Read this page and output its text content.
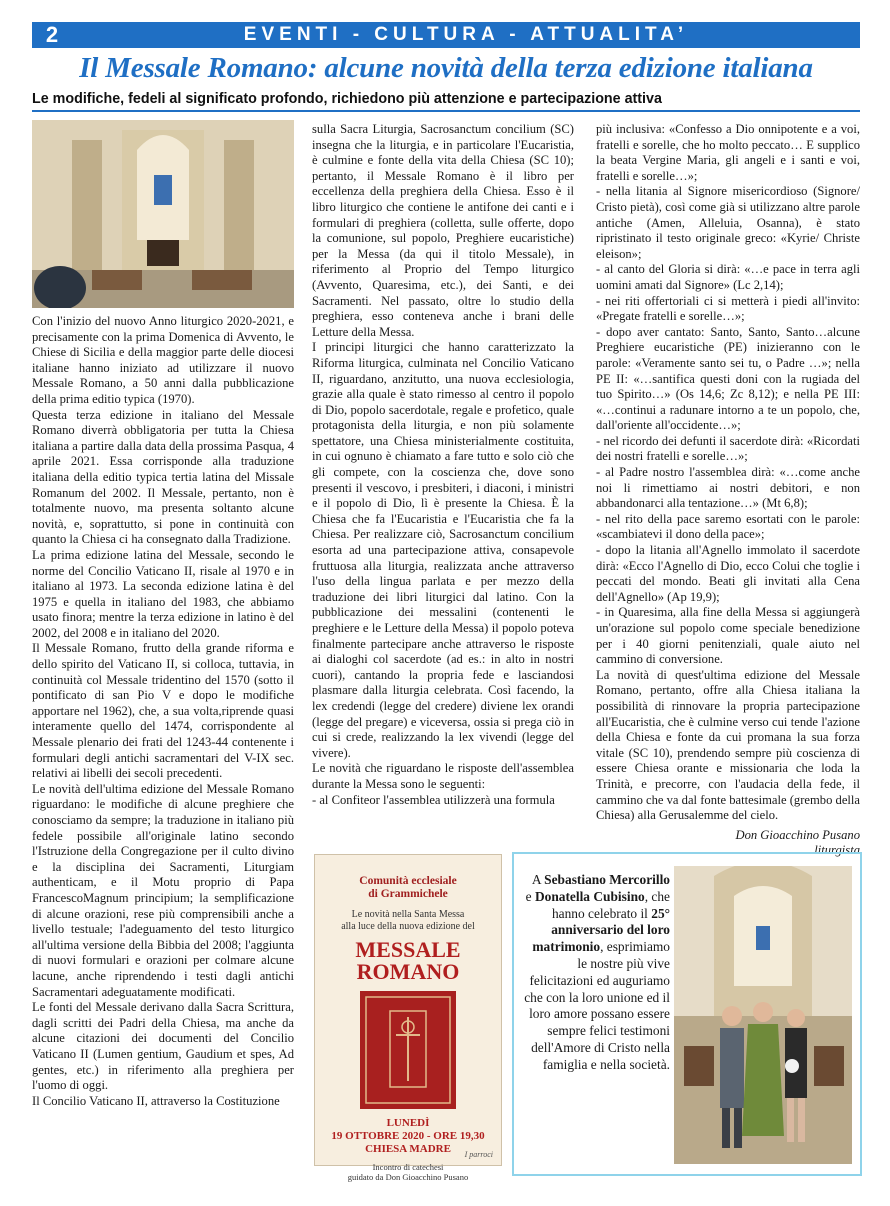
2	EVENTI - CULTURA - ATTUALITA’
Il Messale Romano: alcune novità della terza edizione italiana
Le modifiche, fedeli al significato profondo, richiedono più attenzione e partecipazione attiva

Con l'inizio del nuovo Anno liturgico 2020-2021, e precisamente con la prima Domenica di Avvento, le Chiese di Sicilia e della maggior parte delle diocesi italiane hanno iniziato ad utilizzare il nuovo Messale Romano, a 50 anni dalla pubblicazione della prima editio typica (1970).

Questa terza edizione in italiano del Messale Romano diverrà obbligatoria per tutta la Chiesa italiana a partire dalla data della prossima Pasqua, 4 aprile 2021. Essa corrisponde alla traduzione italiana della editio typica tertia latina del Missale Romanum del 2002. Il Messale, pertanto, non è totalmente nuovo, ma presenta soltanto alcune novità, e, soprattutto, si pone in continuità con quanto la Chiesa ci ha consegnato dalla Tradizione.

La prima edizione latina del Messale, secondo le norme del Concilio Vaticano II, risale al 1970 e in italiano al 1973. La seconda edizione latina è del 1975 e quella in italiano del 1983, che abbiamo usato finora; mentre la terza edizione in latino è del 2002, del 2008 e in italiano del 2020.

Il Messale Romano, frutto della grande riforma e dello spirito del Vaticano II, si colloca, tuttavia, in continuità col Messale tridentino del 1570 (sotto il pontificato di san Pio V e dopo le modifiche apportare nel 1962), che, a sua volta,riprende quasi interamente quello del 1474, corrispondente al Messale plenario dei frati del 1243-44 contenente i formulari degli antichi sacramentari del V-IX sec. relativi ai libelli dei secoli precedenti.

Le novità dell'ultima edizione del Messale Romano riguardano: le modifiche di alcune preghiere che conosciamo da sempre; la traduzione in italiano più fedele possibile all'originale latino secondo l'Istruzione della Congregazione per il culto divino e la disciplina dei Sacramenti, Liturgiam authenticam, e il Motu proprio di Papa FrancescoMagnum principium; la semplificazione di alcune orazioni, rese più comprensibili anche a livello testuale; l'adeguamento del testo liturgico all'ultima versione della Bibbia del 2008; l'aggiunta di nuovi formulari e orazioni per colmare alcune lacune, anche riprendendo i testi dagli antichi Sacramentari adeguatamente modificati.

Le fonti del Messale derivano dalla Sacra Scrittura, dagli scritti dei Padri della Chiesa, ma anche da alcune citazioni dei documenti del Concilio Vaticano II (Lumen gentium, Gaudium et spes, Ad gentes, etc.) in riferimento alla preghiera per l'uomo di oggi.

Il Concilio Vaticano II, attraverso la Costituzione

sulla Sacra Liturgia, Sacrosanctum concilium (SC) insegna che la liturgia, e in particolare l'Eucaristia, è culmine e fonte della vita della Chiesa (SC 10); pertanto, il Messale Romano è il libro per eccellenza della preghiera della Chiesa. Esso è il libro liturgico che contiene le antifone dei canti e i formulari di preghiera (colletta, sulle offerte, dopo la comunione, sul popolo, Preghiere eucaristiche) per la Messa (da qui il titolo Messale), in riferimento al Proprio del Tempo liturgico (Avvento, Quaresima, etc.), dei Santi, e dei Sacramenti. Nel passato, oltre lo studio della preghiera, esso conteneva anche i brani delle Letture della Messa.

I principi liturgici che hanno caratterizzato la Riforma liturgica, culminata nel Concilio Vaticano II, riguardano, anzitutto, una nuova ecclesiologia, grazie alla quale è stato rimesso al centro il popolo di Dio, popolo sacerdotale, regale e profetico, quale protagonista della liturgia, e non più solamente spettatore, una Chiesa ministerialmente costituita, in cui ognuno è chiamato a fare tutto e solo ciò che gli compete, con la coscienza che, dove sono presenti il vescovo, i presbiteri, i diaconi, i ministri e il popolo di Dio, lì è presente la Chiesa. È la Chiesa che fa l'Eucaristia e l'Eucaristia che fa la Chiesa. Per realizzare ciò, Sacrosanctum concilium esorta ad una partecipazione attiva, consapevole fruttuosa alla liturgia, realizzata anche attraverso l'uso della lingua parlata e per mezzo della traduzione dei libri liturgici dal latino. Con la pubblicazione dei messalini (contenenti le preghiere e le Letture della Messa) il popolo poteva finalmente partecipare anche attraverso le risposte ai dialoghi col sacerdote (ad es.: in alto in nostri cuori), cantando la propria fede e lasciandosi plasmare dalla liturgia celebrata. Così facendo, la lex credendi (legge del credere) diviene lex orandi (legge del pregare) e viceversa, ossia si prega ciò in cui si crede, realizzando la lex vivendi (legge del vivere).

Le novità che riguardano le risposte dell'assemblea durante la Messa sono le seguenti:

- al Confiteor l'assemblea utilizzerà una formula

più inclusiva: «Confesso a Dio onnipotente e a voi, fratelli e sorelle, che ho molto peccato… E supplico la beata Vergine Maria, gli angeli e i santi e voi, fratelli e sorelle…»;

- nella litania al Signore misericordioso (Signore/ Cristo pietà), così come già si utilizzano altre parole antiche (Amen, Alleluia, Osanna), è stato ripristinato il testo originale greco: «Kyrie/ Christe eleison»;

- al canto del Gloria si dirà: «…e pace in terra agli uomini amati dal Signore» (Lc 2,14);

- nei riti offertoriali ci si metterà i piedi all'invito: «Pregate fratelli e sorelle…»;

- dopo aver cantato: Santo, Santo, Santo…alcune Preghiere eucaristiche (PE) inizieranno con le parole: «Veramente santo sei tu, o Padre …»; nella PE II: «…santifica questi doni con la rugiada del tuo Spirito…» (Os 14,6; Zc 8,12); e nella PE III: «…continui a radunare intorno a te un popolo, che, dall'oriente all'occidente…»;

- nel ricordo dei defunti il sacerdote dirà: «Ricordati dei nostri fratelli e sorelle…»;

- al Padre nostro l'assemblea dirà: «…come anche noi li rimettiamo ai nostri debitori, e non abbandonarci alla tentazione…» (Mt 6,8);

- nel rito della pace saremo esortati con le parole: «scambiatevi il dono della pace»;

- dopo la litania all'Agnello immolato il sacerdote dirà: «Ecco l'Agnello di Dio, ecco Colui che toglie i peccati del mondo. Beati gli invitati alla Cena dell'Agnello» (Ap 19,9);

- in Quaresima, alla fine della Messa si aggiungerà un'orazione sul popolo come speciale benedizione per i 40 giorni penitenziali, quale aiuto nel cammino di conversione.

La novità di quest'ultima edizione del Messale Romano, pertanto, offre alla Chiesa italiana la possibilità di rinnovare la propria partecipazione all'Eucaristia, che è culmine verso cui tende l'azione della Chiesa e fonte da cui promana la sua forza vitale (SC 10), prendendo sempre più coscienza di essere Chiesa orante e missionaria che loda la Trinità, e precorre, con l'audacia della fede, il cammino che va dal fonte battesimale (grembo della Chiesa) alla Gerusalemme del cielo.

Don Gioacchino Pusano

liturgista

Comunità ecclesiale
di Grammichele
Le novità nella Santa Messa
alla luce della nuova edizione del
MESSALE
ROMANO
LUNEDÌ
19 OTTOBRE 2020 - ORE 19,30
CHIESA MADRE
Incontro di catechesi
guidato da Don Gioacchino Pusano
I parroci
A Sebastiano Mercorillo e Donatella Cubisino, che hanno celebrato il 25° anniversario del loro matrimonio, esprimiamo le nostre più vive felicitazioni ed auguriamo che con la loro unione ed il loro amore possano essere sempre felici testimoni dell'Amore di Cristo nella famiglia e nella società.
